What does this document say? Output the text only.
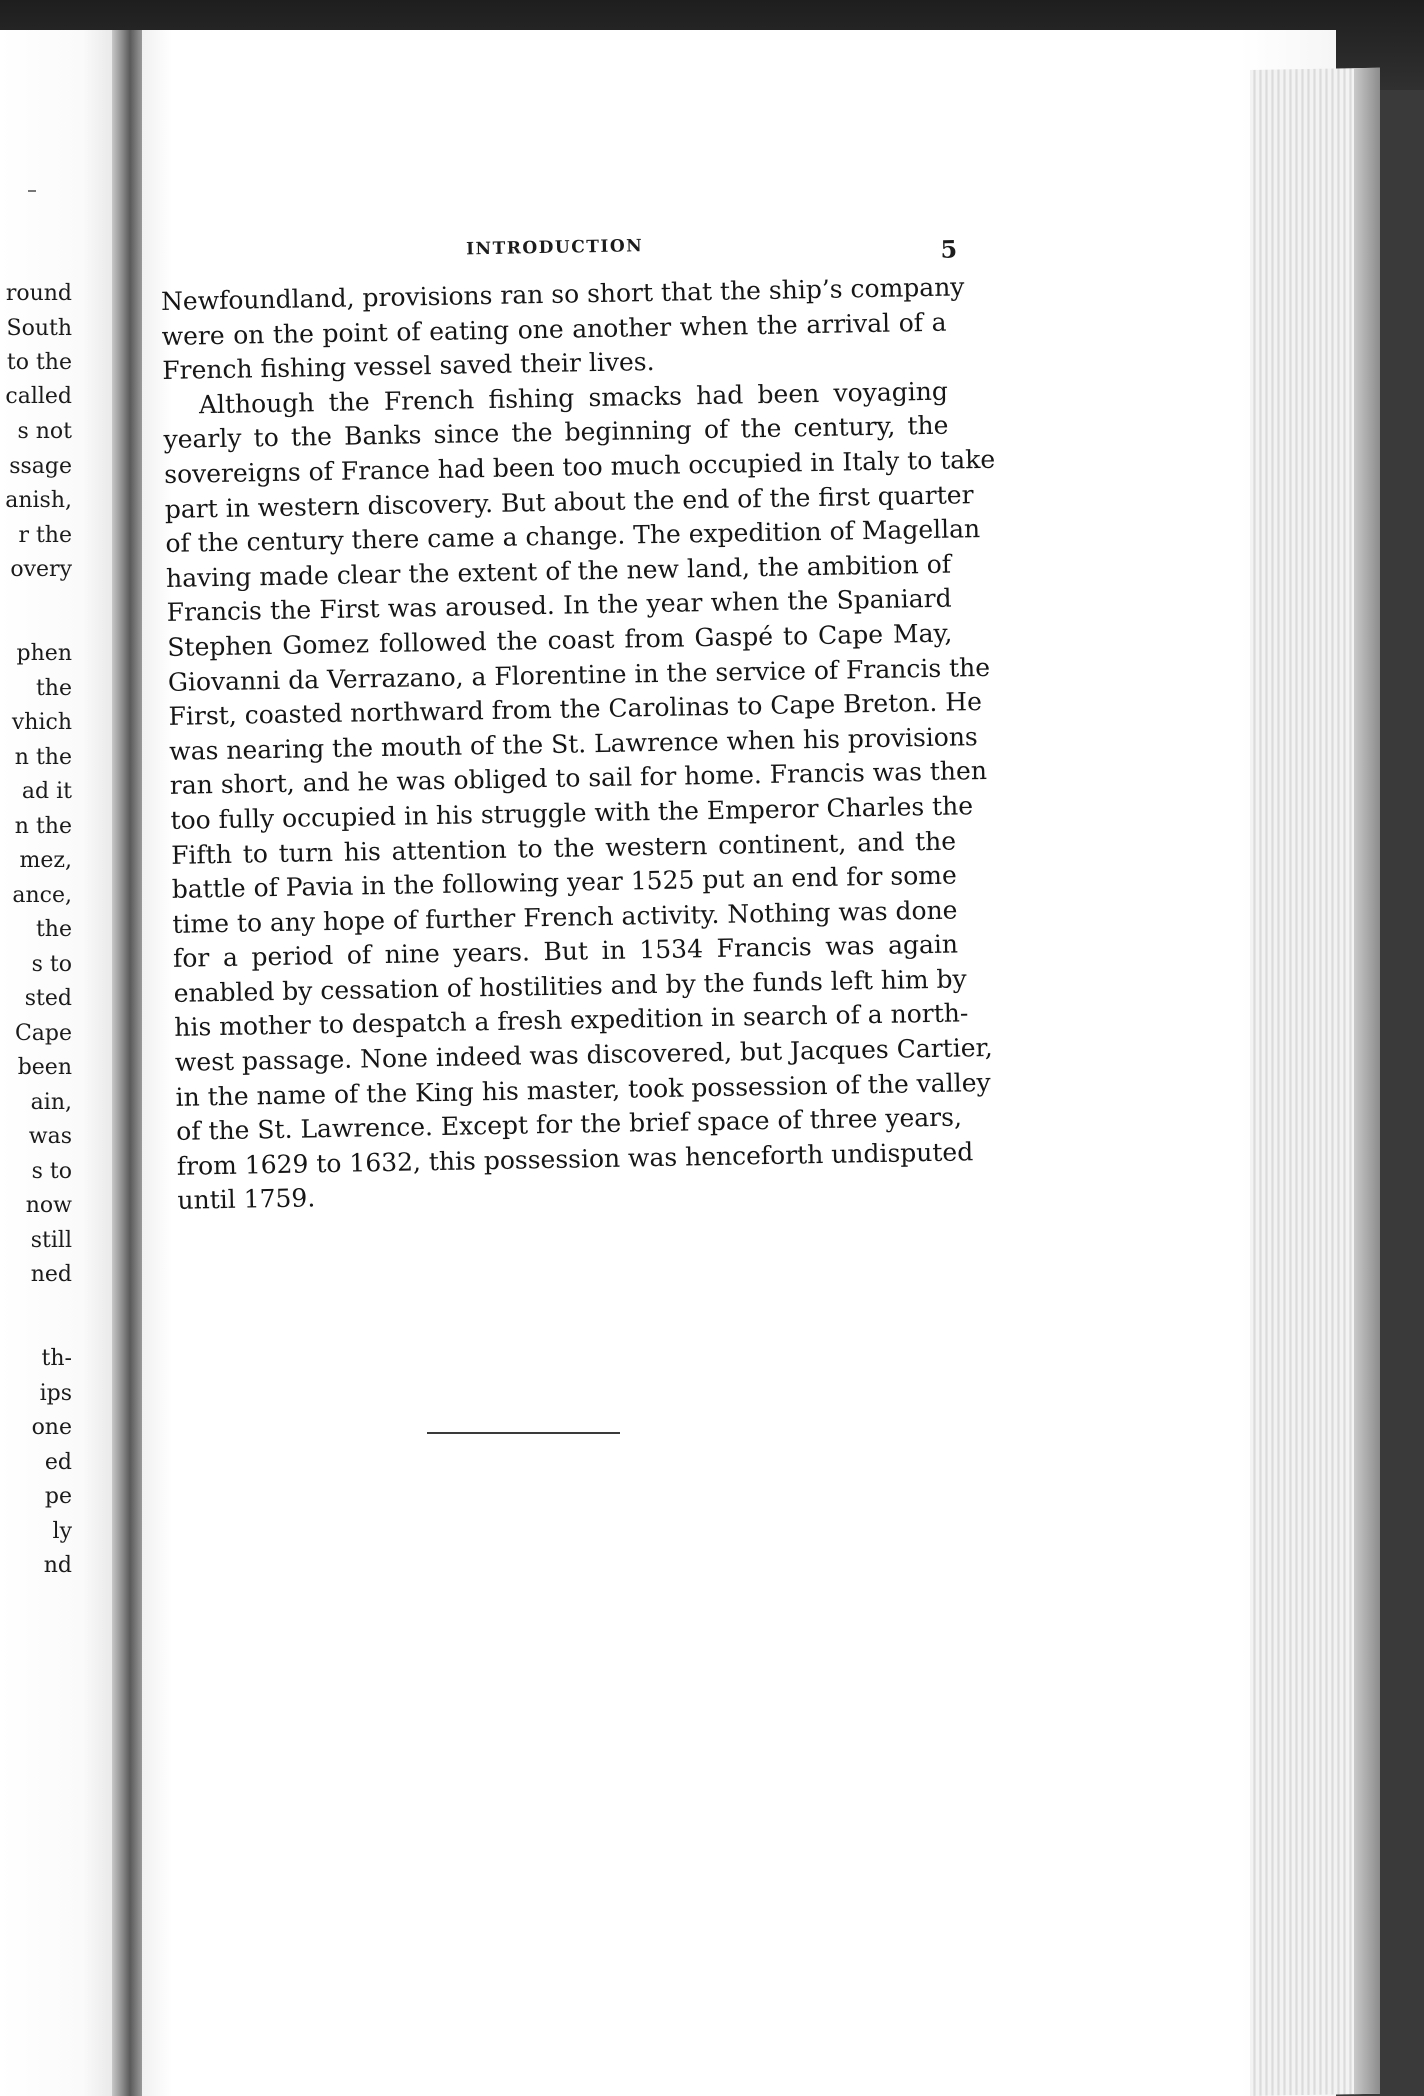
round
South
to the
called
s not
ssage
anish,
r the
overy
phen
the
vhich
n the
ad it
n the
mez,
ance,
the
s to
sted
Cape
been
ain,
was
s to
now
still
ned
th-
ips
one
ed
pe
ly
nd
INTRODUCTION	5

Newfoundland, provisions ran so short that the ship’s company
were on the point of eating one another when the arrival of a
French fishing vessel saved their lives.

Although the French fishing smacks had been voyaging
yearly to the Banks since the beginning of the century, the
sovereigns of France had been too much occupied in Italy to take
part in western discovery. But about the end of the first quarter
of the century there came a change. The expedition of Magellan
having made clear the extent of the new land, the ambition of
Francis the First was aroused. In the year when the Spaniard
Stephen Gomez followed the coast from Gaspé to Cape May,
Giovanni da Verrazano, a Florentine in the service of Francis the
First, coasted northward from the Carolinas to Cape Breton. He
was nearing the mouth of the St. Lawrence when his provisions
ran short, and he was obliged to sail for home. Francis was then
too fully occupied in his struggle with the Emperor Charles the
Fifth to turn his attention to the western continent, and the
battle of Pavia in the following year 1525 put an end for some
time to any hope of further French activity. Nothing was done
for a period of nine years. But in 1534 Francis was again
enabled by cessation of hostilities and by the funds left him by
his mother to despatch a fresh expedition in search of a north-
west passage. None indeed was discovered, but Jacques Cartier,
in the name of the King his master, took possession of the valley
of the St. Lawrence. Except for the brief space of three years,
from 1629 to 1632, this possession was henceforth undisputed
until 1759.
